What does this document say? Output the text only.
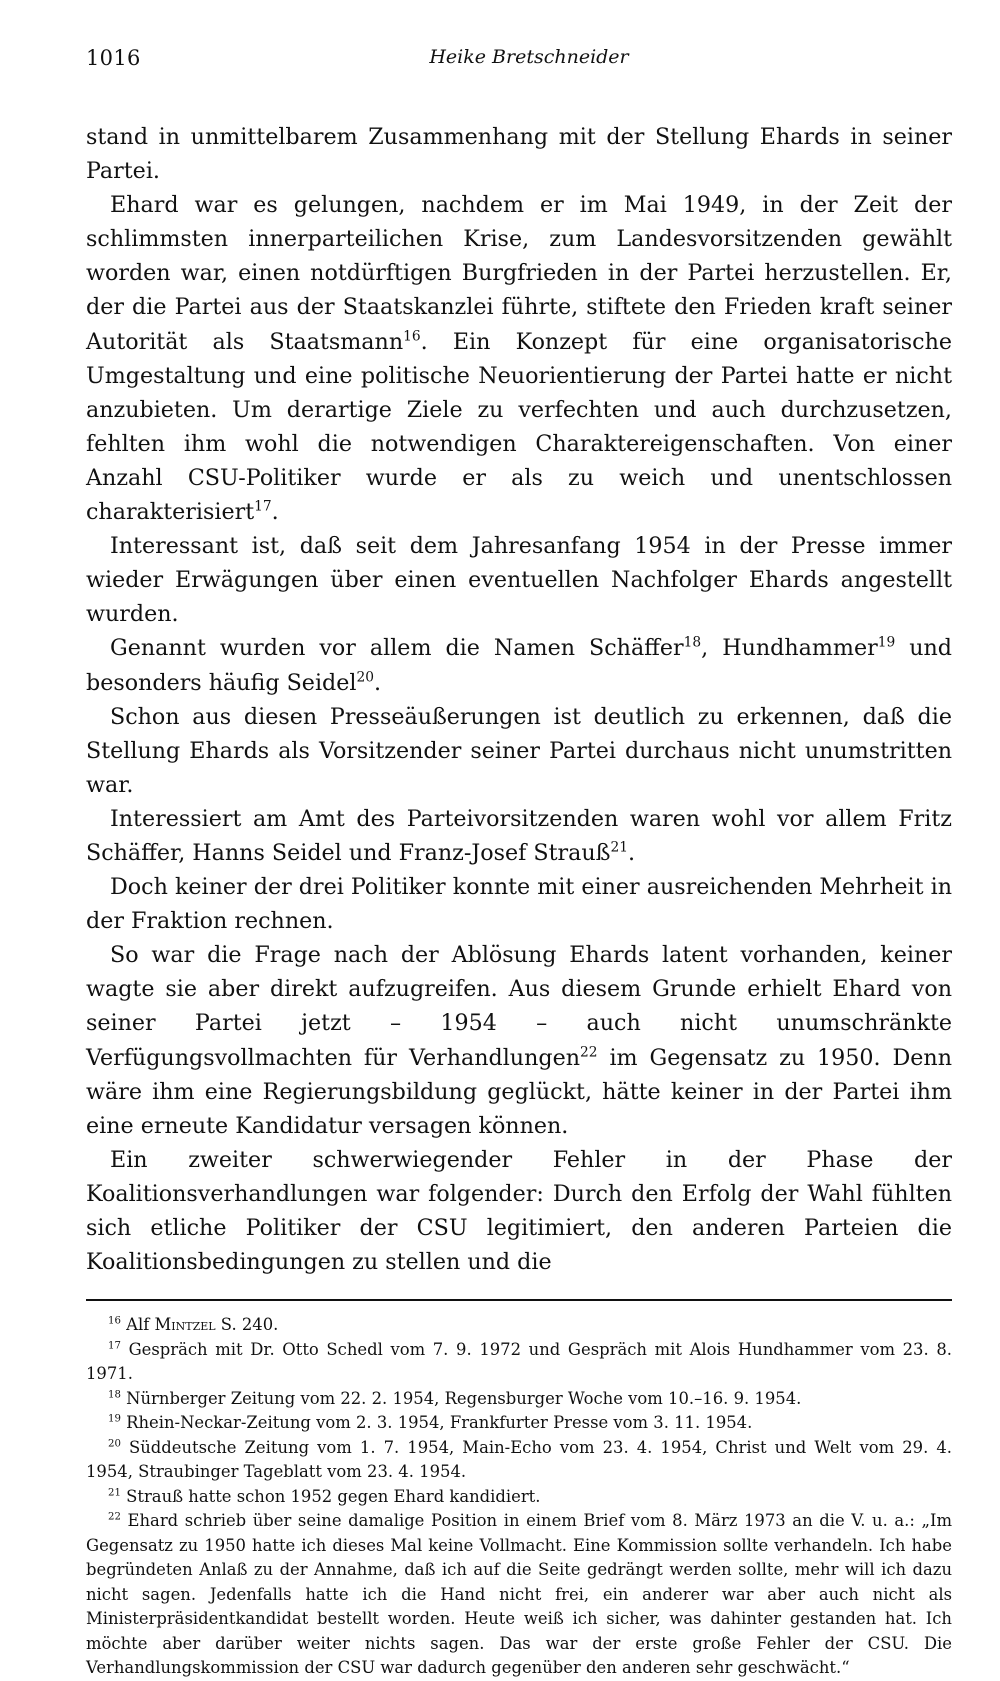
1016	Heike Bretschneider

stand in unmittelbarem Zusammenhang mit der Stellung Ehards in seiner Partei.

Ehard war es gelungen, nachdem er im Mai 1949, in der Zeit der schlimmsten innerparteilichen Krise, zum Landesvorsitzenden gewählt worden war, einen notdürftigen Burgfrieden in der Partei herzustellen. Er, der die Partei aus der Staatskanzlei führte, stiftete den Frieden kraft seiner Autorität als Staatsmann$^{16}$. Ein Konzept für eine organisatorische Umgestaltung und eine politische Neuorientierung der Partei hatte er nicht anzubieten. Um derartige Ziele zu verfechten und auch durchzusetzen, fehlten ihm wohl die notwendigen Charaktereigenschaften. Von einer Anzahl CSU-Politiker wurde er als zu weich und unentschlossen charakterisiert$^{17}$.

Interessant ist, daß seit dem Jahresanfang 1954 in der Presse immer wieder Erwägungen über einen eventuellen Nachfolger Ehards angestellt wurden.

Genannt wurden vor allem die Namen Schäffer$^{18}$, Hundhammer$^{19}$ und besonders häufig Seidel$^{20}$.

Schon aus diesen Presseäußerungen ist deutlich zu erkennen, daß die Stellung Ehards als Vorsitzender seiner Partei durchaus nicht unumstritten war.

Interessiert am Amt des Parteivorsitzenden waren wohl vor allem Fritz Schäffer, Hanns Seidel und Franz-Josef Strauß$^{21}$.

Doch keiner der drei Politiker konnte mit einer ausreichenden Mehrheit in der Fraktion rechnen.

So war die Frage nach der Ablösung Ehards latent vorhanden, keiner wagte sie aber direkt aufzugreifen. Aus diesem Grunde erhielt Ehard von seiner Partei jetzt – 1954 – auch nicht unumschränkte Verfügungsvollmachten für Verhandlungen$^{22}$ im Gegensatz zu 1950. Denn wäre ihm eine Regierungsbildung geglückt, hätte keiner in der Partei ihm eine erneute Kandidatur versagen können.

Ein zweiter schwerwiegender Fehler in der Phase der Koalitionsverhandlungen war folgender: Durch den Erfolg der Wahl fühlten sich etliche Politiker der CSU legitimiert, den anderen Parteien die Koalitionsbedingungen zu stellen und die

$^{16}$ Alf Mintzel S. 240.

$^{17}$ Gespräch mit Dr. Otto Schedl vom 7. 9. 1972 und Gespräch mit Alois Hundhammer vom 23. 8. 1971.

$^{18}$ Nürnberger Zeitung vom 22. 2. 1954, Regensburger Woche vom 10.–16. 9. 1954.

$^{19}$ Rhein-Neckar-Zeitung vom 2. 3. 1954, Frankfurter Presse vom 3. 11. 1954.

$^{20}$ Süddeutsche Zeitung vom 1. 7. 1954, Main-Echo vom 23. 4. 1954, Christ und Welt vom 29. 4. 1954, Straubinger Tageblatt vom 23. 4. 1954.

$^{21}$ Strauß hatte schon 1952 gegen Ehard kandidiert.

$^{22}$ Ehard schrieb über seine damalige Position in einem Brief vom 8. März 1973 an die V. u. a.: „Im Gegensatz zu 1950 hatte ich dieses Mal keine Vollmacht. Eine Kommission sollte verhandeln. Ich habe begründeten Anlaß zu der Annahme, daß ich auf die Seite gedrängt werden sollte, mehr will ich dazu nicht sagen. Jedenfalls hatte ich die Hand nicht frei, ein anderer war aber auch nicht als Ministerpräsidentkandidat bestellt worden. Heute weiß ich sicher, was dahinter gestanden hat. Ich möchte aber darüber weiter nichts sagen. Das war der erste große Fehler der CSU. Die Verhandlungskommission der CSU war dadurch gegenüber den anderen sehr geschwächt.“
